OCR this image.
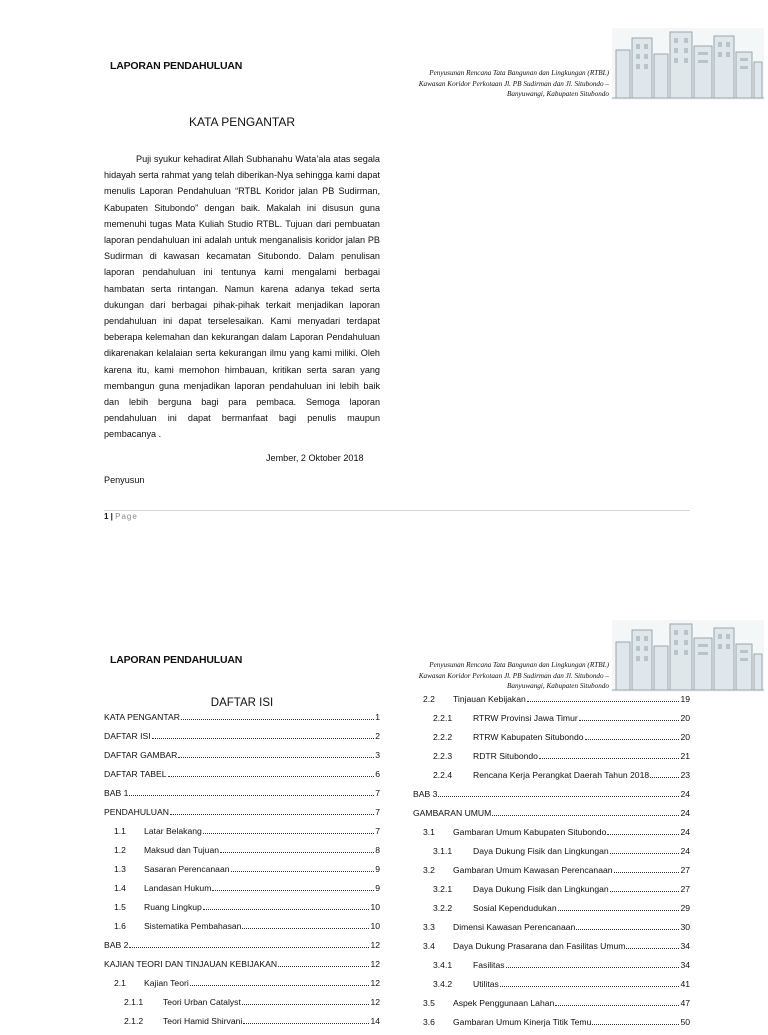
LAPORAN PENDAHULUAN
Penyusunan Rencana Tata Bangunan dan Lingkungan (RTBL)
Kawasan Koridor Perkotaan Jl. PB Sudirman dan Jl. Situbondo –
Banyuwangi, Kabupaten Situbondo
KATA PENGANTAR
Puji syukur kehadirat Allah Subhanahu Wata’ala atas segala hidayah serta rahmat yang telah diberikan-Nya sehingga kami dapat menulis Laporan Pendahuluan “RTBL Koridor jalan PB Sudirman, Kabupaten Situbondo” dengan baik. Makalah ini disusun guna memenuhi tugas Mata Kuliah Studio RTBL. Tujuan dari pembuatan laporan pendahuluan ini adalah untuk menganalisis koridor jalan PB Sudirman di kawasan kecamatan Situbondo. Dalam penulisan laporan pendahuluan ini tentunya kami mengalami berbagai hambatan serta rintangan. Namun karena adanya tekad serta dukungan dari berbagai pihak-pihak terkait menjadikan laporan pendahuluan ini dapat terselesaikan. Kami menyadari terdapat beberapa kelemahan dan kekurangan dalam Laporan Pendahuluan dikarenakan kelalaian serta kekurangan ilmu yang kami miliki. Oleh karena itu, kami memohon himbauan, kritikan serta saran yang membangun guna menjadikan laporan pendahuluan ini lebih baik dan lebih berguna bagi para pembaca. Semoga laporan pendahuluan ini dapat bermanfaat bagi penulis maupun pembacanya .
Jember, 2 Oktober 2018
Penyusun
1 | Page
LAPORAN PENDAHULUAN	Penyusunan Rencana Tata Bangunan dan Lingkungan (RTBL)
Kawasan Koridor Perkotaan Jl. PB Sudirman dan Jl. Situbondo –
Banyuwangi, Kabupaten Situbondo
DAFTAR ISI
KATA PENGANTAR	1
DAFTAR ISI	2
DAFTAR GAMBAR	3
DAFTAR TABEL	6
BAB 1	7
PENDAHULUAN	7
1.1	Latar Belakang	7
1.2	Maksud dan Tujuan	8
1.3	Sasaran Perencanaan	9
1.4	Landasan Hukum	9
1.5	Ruang Lingkup	10
1.6	Sistematika Pembahasan	10
BAB 2	12
KAJIAN TEORI DAN TINJAUAN KEBIJAKAN	12
2.1	Kajian Teori	12
2.1.1	Teori Urban Catalyst	12
2.1.2	Teori Hamid Shirvani	14
2.2	Tinjauan Kebijakan	19
2.2.1	RTRW Provinsi Jawa Timur	20
2.2.2	RTRW Kabupaten Situbondo	20
2.2.3	RDTR Situbondo	21
2.2.4	Rencana Kerja Perangkat Daerah Tahun 2018	23
BAB 3	24
GAMBARAN UMUM	24
3.1	Gambaran Umum Kabupaten Situbondo	24
3.1.1	Daya Dukung Fisik dan Lingkungan	24
3.2	Gambaran Umum Kawasan Perencanaan	27
3.2.1	Daya Dukung Fisik dan Lingkungan	27
3.2.2	Sosial Kependudukan	29
3.3	Dimensi Kawasan Perencanaan	30
3.4	Daya Dukung Prasarana dan Fasilitas Umum	34
3.4.1	Fasilitas	34
3.4.2	Utilitas	41
3.5	Aspek Penggunaan Lahan	47
3.6	Gambaran Umum Kinerja Titik Temu	50
